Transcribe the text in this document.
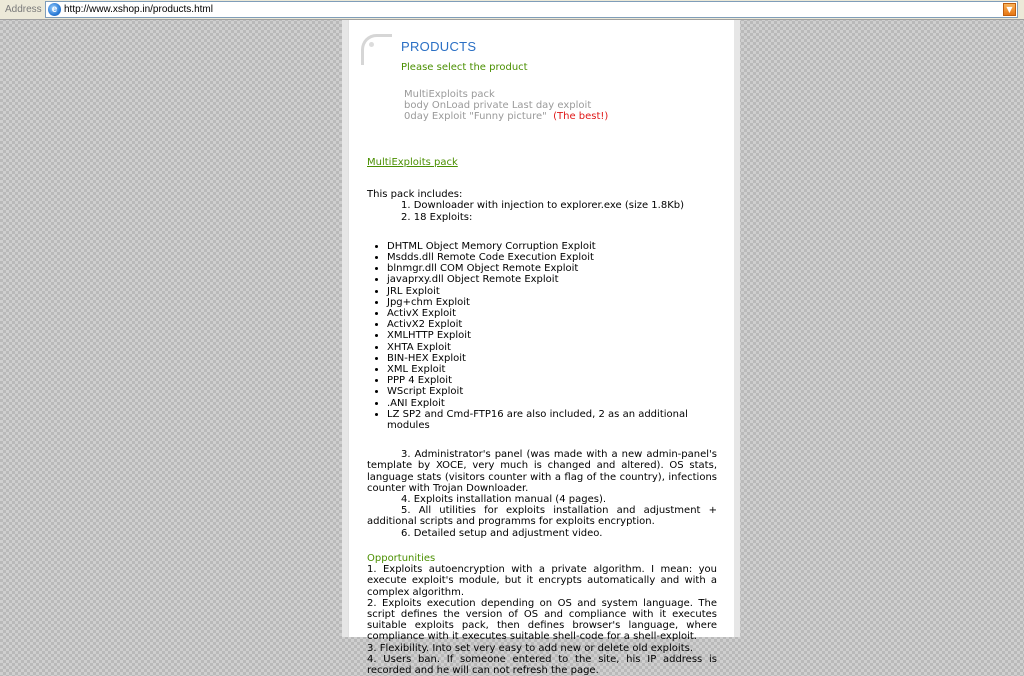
Address	e http://www.xshop.in/products.html	▼
PRODUCTS
Please select the product
MultiExploits pack
body OnLoad private Last day exploit
0day Exploit "Funny picture" (The best!)
MultiExploits pack
This pack includes:
1. Downloader with injection to explorer.exe (size 1.8Kb)
2. 18 Exploits:
• DHTML Object Memory Corruption Exploit
• Msdds.dll Remote Code Execution Exploit
• blnmgr.dll COM Object Remote Exploit
• javaprxy.dll Object Remote Exploit
• JRL Exploit
• Jpg+chm Exploit
• ActivX Exploit
• ActivX2 Exploit
• XMLHTTP Exploit
• XHTA Exploit
• BIN-HEX Exploit
• XML Exploit
• PPP 4 Exploit
• WScript Exploit
• .ANI Exploit
• LZ SP2 and Cmd-FTP16 are also included, 2 as an additional modules
3. Administrator's panel (was made with a new admin-panel's template by XOCE, very much is changed and altered). OS stats, language stats (visitors counter with a flag of the country), infections counter with Trojan Downloader.
4. Exploits installation manual (4 pages).
5. All utilities for exploits installation and adjustment + additional scripts and programms for exploits encryption.
6. Detailed setup and adjustment video.
Opportunities
1. Exploits autoencryption with a private algorithm. I mean: you execute exploit's module, but it encrypts automatically and with a complex algorithm.
2. Exploits execution depending on OS and system language. The script defines the version of OS and compliance with it executes suitable exploits pack, then defines browser's language, where compliance with it executes suitable shell-code for a shell-exploit.
3. Flexibility. Into set very easy to add new or delete old exploits.
4. Users ban. If someone entered to the site, his IP address is recorded and he will can not refresh the page.
